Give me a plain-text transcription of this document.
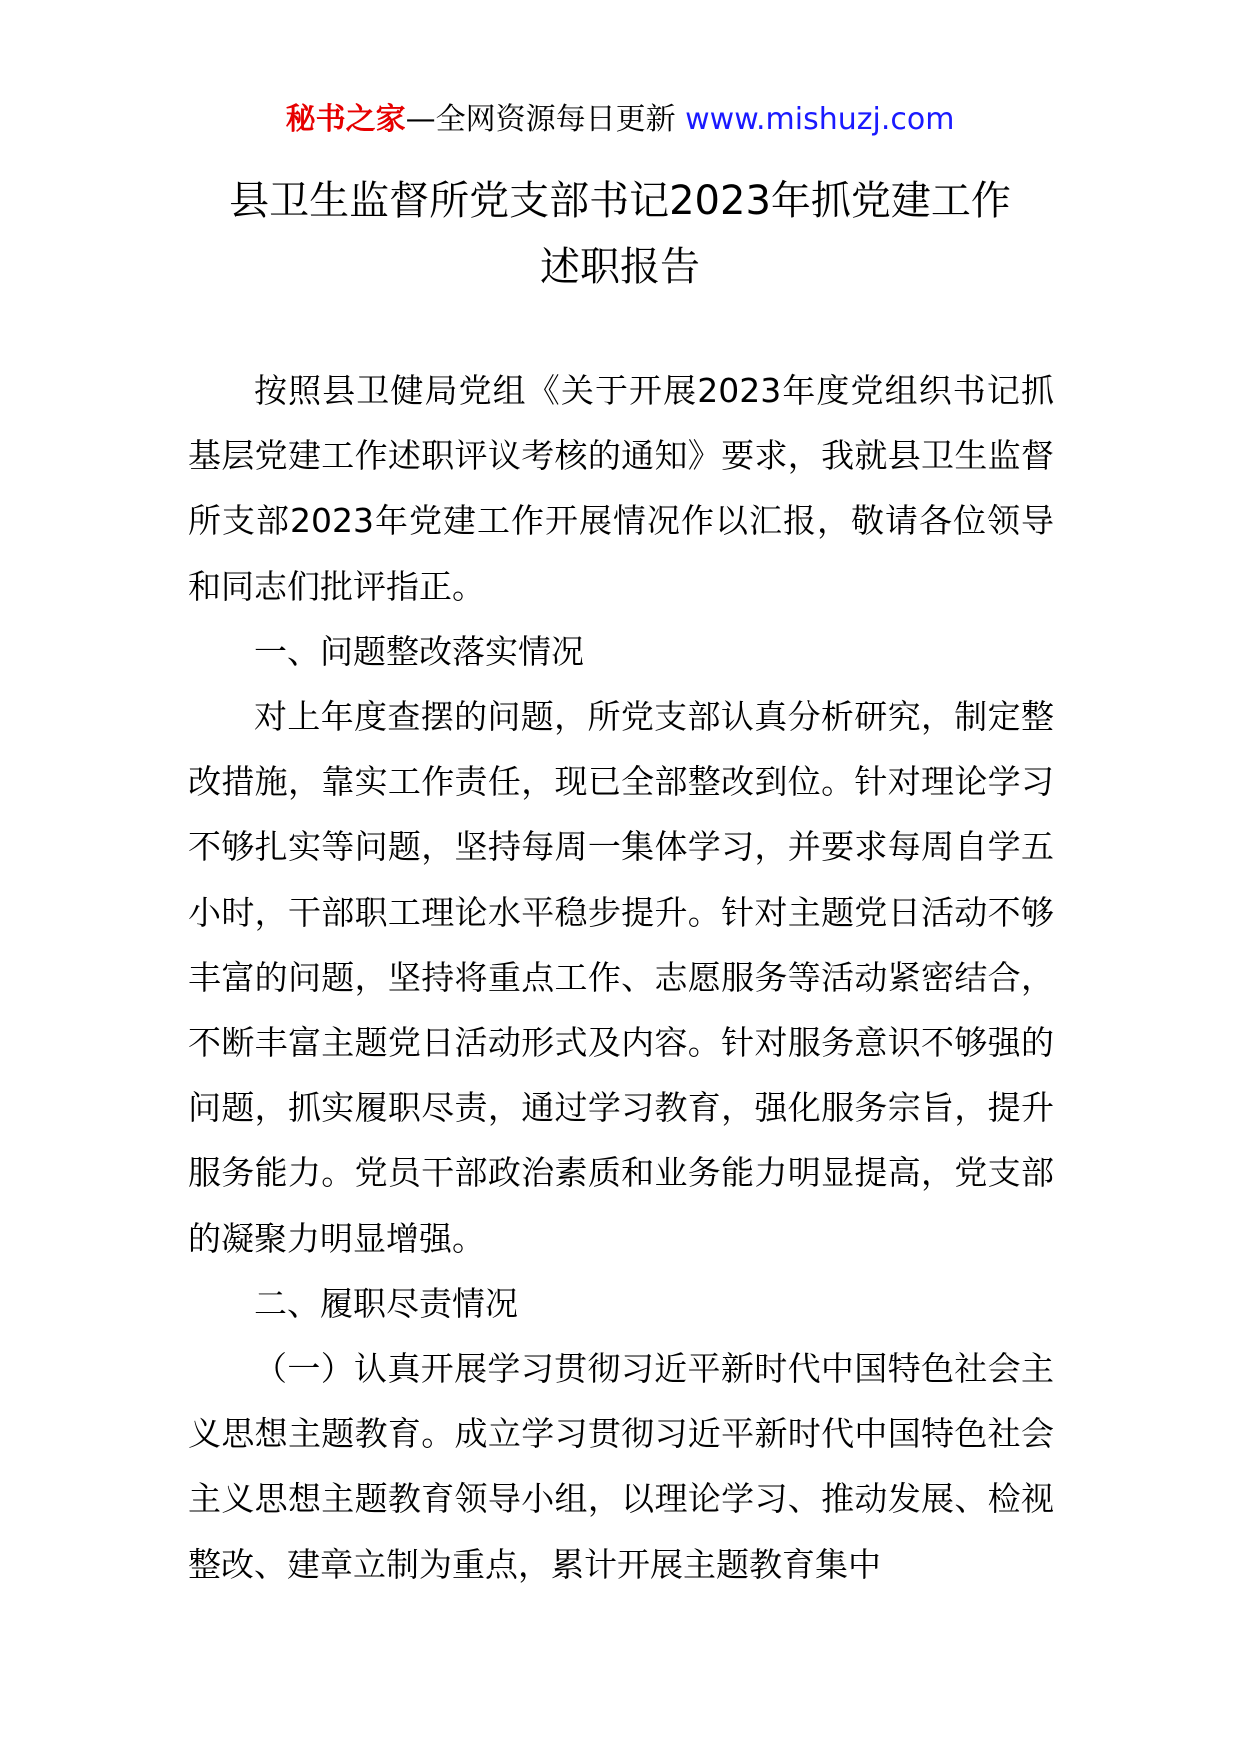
秘书之家—全网资源每日更新 www.mishuzj.com
县卫生监督所党支部书记2023年抓党建工作
述职报告

按照县卫健局党组《关于开展2023年度党组织书记抓基层党建工作述职评议考核的通知》要求，我就县卫生监督所支部2023年党建工作开展情况作以汇报，敬请各位领导和同志们批评指正。

一、问题整改落实情况

对上年度查摆的问题，所党支部认真分析研究，制定整改措施，靠实工作责任，现已全部整改到位。针对理论学习不够扎实等问题，坚持每周一集体学习，并要求每周自学五小时，干部职工理论水平稳步提升。针对主题党日活动不够丰富的问题，坚持将重点工作、志愿服务等活动紧密结合，不断丰富主题党日活动形式及内容。针对服务意识不够强的问题，抓实履职尽责，通过学习教育，强化服务宗旨，提升服务能力。党员干部政治素质和业务能力明显提高，党支部的凝聚力明显增强。

二、履职尽责情况

（一）认真开展学习贯彻习近平新时代中国特色社会主义思想主题教育。成立学习贯彻习近平新时代中国特色社会主义思想主题教育领导小组，以理论学习、推动发展、检视整改、建章立制为重点，累计开展主题教育集中
